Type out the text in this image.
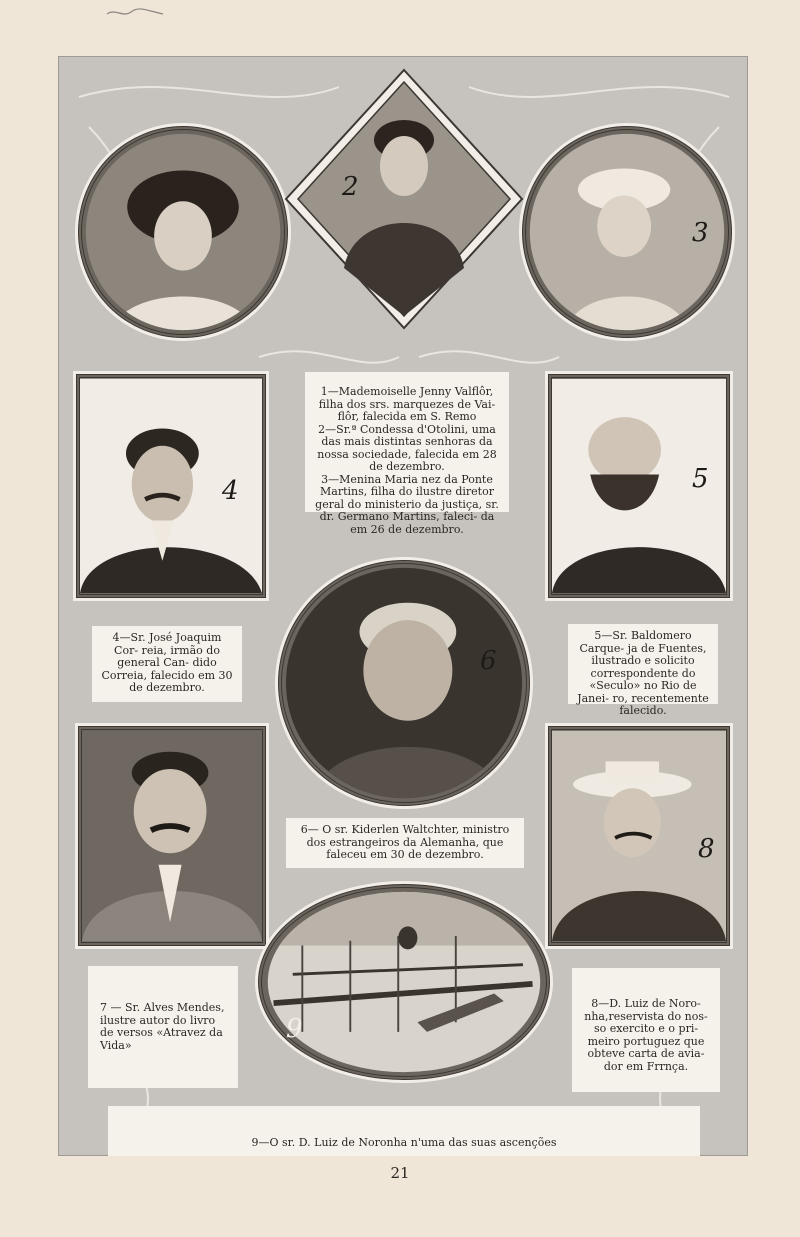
2
3
1—Mademoiselle Jenny Valflôr, filha dos srs. marquezes de Vai- flôr, falecida em S. Remo
2—Sr.ª Condessa d'Otolini, uma das mais distintas senhoras da nossa sociedade, falecida em 28 de dezembro.
3—Menina Maria nez da Ponte Martins, filha do ilustre diretor geral do ministerio da justiça, sr. dr. Germano Martins, faleci- da em 26 de dezembro.
4	5
4—Sr. José Joaquim Cor- reia, irmão do general Can- dido Correia, falecido em 30 de dezembro.
5—Sr. Baldomero Carque- ja de Fuentes, ilustrado e solicito correspondente do «Seculo» no Rio de Janei- ro, recentemente falecido.
6
6— O sr. Kiderlen Waltchter, ministro dos estrangeiros da Alemanha, que faleceu em 30 de dezembro.	8
9
7 — Sr. Alves Mendes, ilustre autor do livro de versos «Atravez da Vida»
8—D. Luiz de Noro- nha,reservista do nos- so exercito e o pri- meiro portuguez que obteve carta de avia- dor em Frrnça.
9—O sr. D. Luiz de Noronha n'uma das suas ascenções
21
